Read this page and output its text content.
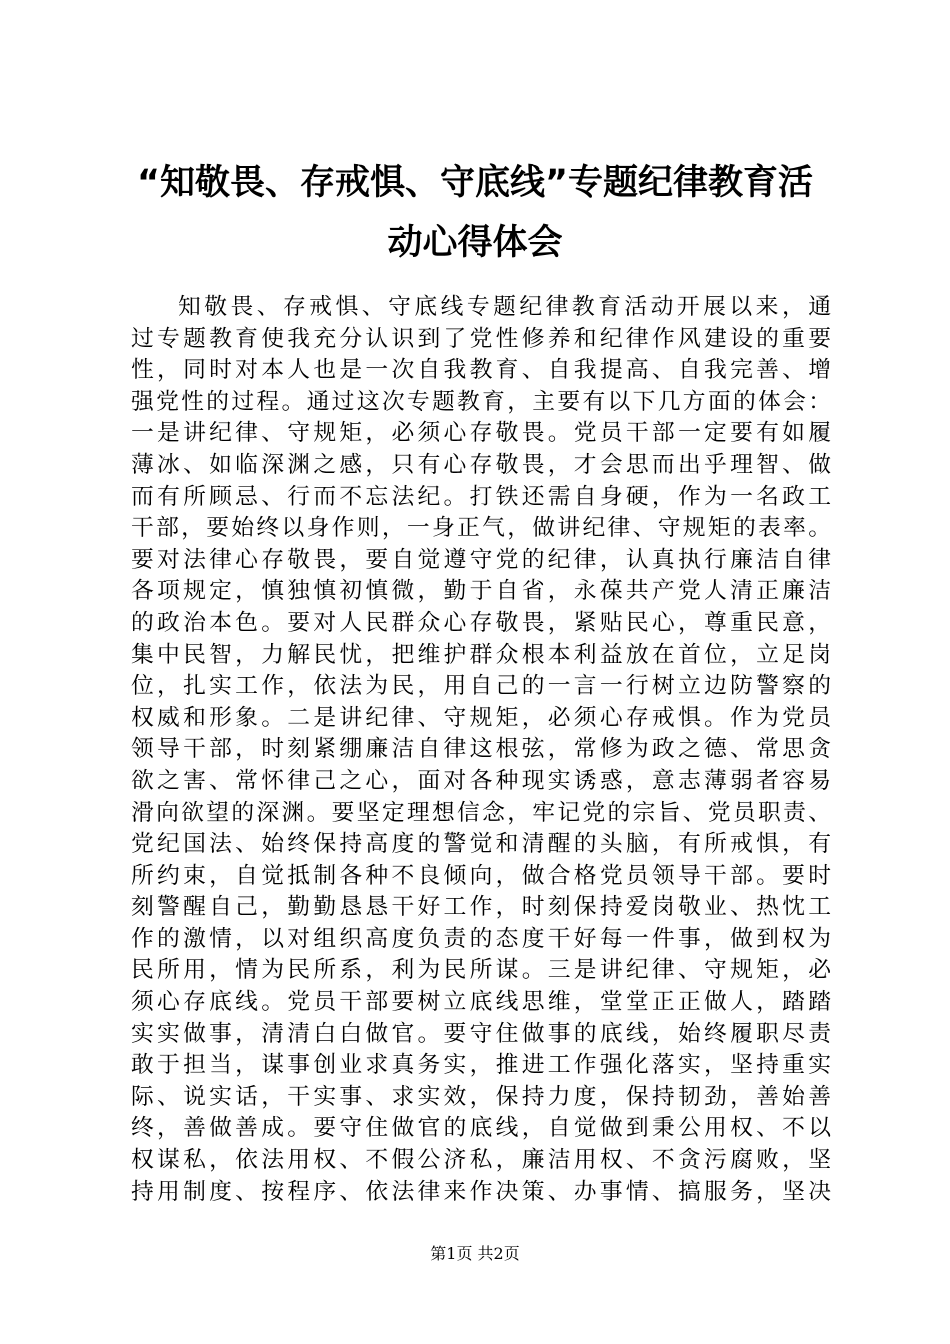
“知敬畏、存戒惧、守底线”专题纪律教育活
动心得体会
知敬畏、存戒惧、守底线专题纪律教育活动开展以来，通
过专题教育使我充分认识到了党性修养和纪律作风建设的重要
性，同时对本人也是一次自我教育、自我提高、自我完善、增
强党性的过程。通过这次专题教育，主要有以下几方面的体会：
一是讲纪律、守规矩，必须心存敬畏。党员干部一定要有如履
薄冰、如临深渊之感，只有心存敬畏，才会思而出乎理智、做
而有所顾忌、行而不忘法纪。打铁还需自身硬，作为一名政工
干部，要始终以身作则，一身正气，做讲纪律、守规矩的表率。
要对法律心存敬畏，要自觉遵守党的纪律，认真执行廉洁自律
各项规定，慎独慎初慎微，勤于自省，永葆共产党人清正廉洁
的政治本色。要对人民群众心存敬畏，紧贴民心，尊重民意，
集中民智，力解民忧，把维护群众根本利益放在首位，立足岗
位，扎实工作，依法为民，用自己的一言一行树立边防警察的
权威和形象。二是讲纪律、守规矩，必须心存戒惧。作为党员
领导干部，时刻紧绷廉洁自律这根弦，常修为政之德、常思贪
欲之害、常怀律己之心，面对各种现实诱惑，意志薄弱者容易
滑向欲望的深渊。要坚定理想信念，牢记党的宗旨、党员职责、
党纪国法、始终保持高度的警觉和清醒的头脑，有所戒惧，有
所约束，自觉抵制各种不良倾向，做合格党员领导干部。要时
刻警醒自己，勤勤恳恳干好工作，时刻保持爱岗敬业、热忱工
作的激情，以对组织高度负责的态度干好每一件事，做到权为
民所用，情为民所系，利为民所谋。三是讲纪律、守规矩，必
须心存底线。党员干部要树立底线思维，堂堂正正做人，踏踏
实实做事，清清白白做官。要守住做事的底线，始终履职尽责
敢于担当，谋事创业求真务实，推进工作强化落实，坚持重实
际、说实话，干实事、求实效，保持力度，保持韧劲，善始善
终，善做善成。要守住做官的底线，自觉做到秉公用权、不以
权谋私，依法用权、不假公济私，廉洁用权、不贪污腐败，坚
持用制度、按程序、依法律来作决策、办事情、搞服务，坚决
第1页 共2页
